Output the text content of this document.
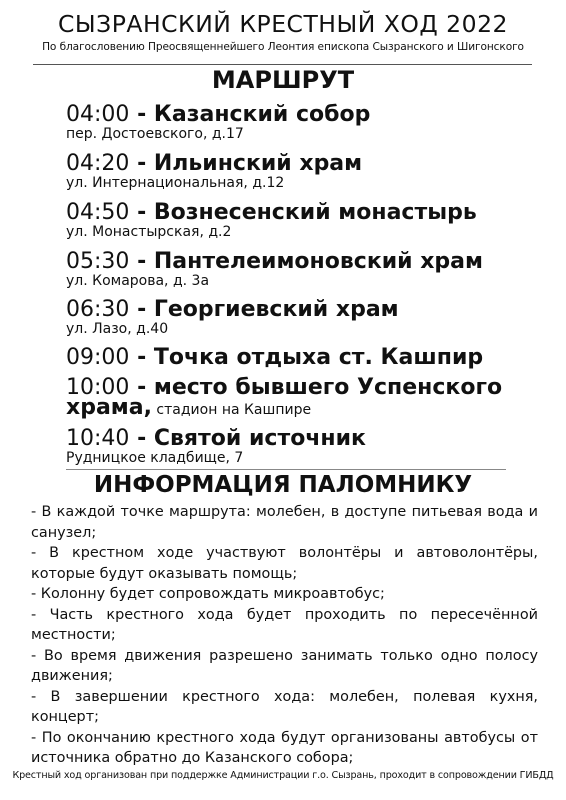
СЫЗРАНСКИЙ КРЕСТНЫЙ ХОД 2022
По благословению Преосвященнейшего Леонтия епископа Сызранского и Шигонского
МАРШРУТ
04:00 - Казанский собор
пер. Достоевского, д.17
04:20 - Ильинский храм
ул. Интернациональная, д.12
04:50 - Вознесенский монастырь
ул. Монастырская, д.2
05:30 - Пантелеимоновский храм
ул. Комарова, д. 3а
06:30 - Георгиевский храм
ул. Лазо, д.40
09:00 - Точка отдыха ст. Кашпир
10:00 - место бывшего Успенского
храма, стадион на Кашпире
10:40 - Святой источник
Рудницкое кладбище, 7
ИНФОРМАЦИЯ ПАЛОМНИКУ

- В каждой точке маршрута: молебен, в доступе питьевая вода и санузел;

- В крестном ходе участвуют волонтёры и автоволонтёры, которые будут оказывать помощь;

- Колонну будет сопровождать микроавтобус;

- Часть крестного хода будет проходить по пересечённой местности;

- Во время движения разрешено занимать только одно полосу движения;

- В завершении крестного хода: молебен, полевая кухня, концерт;

- По окончанию крестного хода будут организованы автобусы от источника обратно до Казанского собора;

Крестный ход организован при поддержке Администрации г.о. Сызрань, проходит в сопровождении ГИБДД
